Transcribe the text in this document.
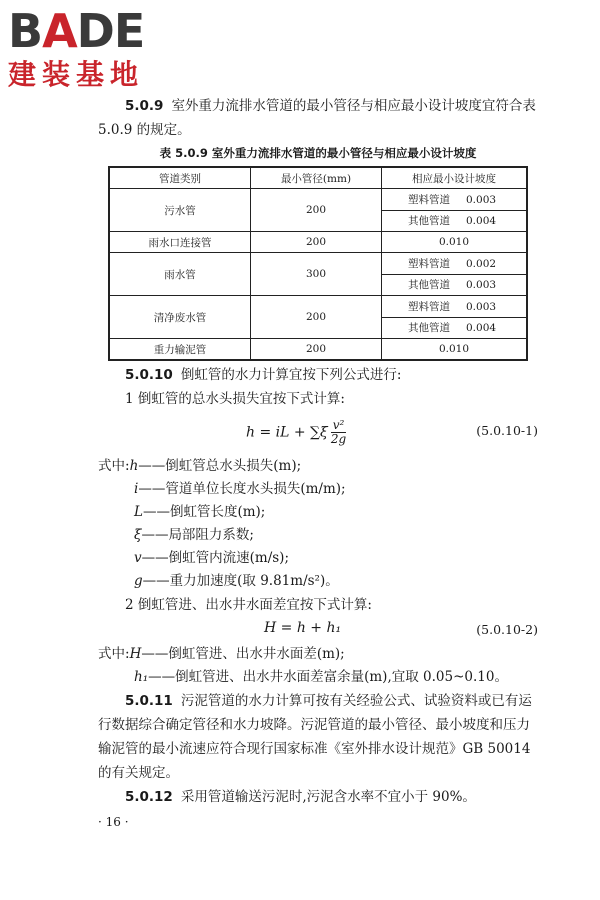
BADE
建装基地

5.0.9 室外重力流排水管道的最小管径与相应最小设计坡度宜符合表 5.0.9 的规定。

表 5.0.9 室外重力流排水管道的最小管径与相应最小设计坡度
管道类别	最小管径(mm)	相应最小设计坡度
污水管	200	塑料管道 0.003
		其他管道 0.004
雨水口连接管	200	0.010
雨水管	300	塑料管道 0.002
		其他管道 0.003
清净废水管	200	塑料管道 0.003
		其他管道 0.004
重力输泥管	200	0.010

5.0.10 倒虹管的水力计算宜按下列公式进行:

1 倒虹管的总水头损失宜按下式计算:

h = iL + $\sum\xi \frac{\text{v²}}{2g}$	(5.0.10-1)
式中:h——倒虹管总水头损失(m);
i——管道单位长度水头损失(m/m);
L——倒虹管长度(m);
ξ——局部阻力系数;
v——倒虹管内流速(m/s);
g——重力加速度(取 9.81m/s²)。

2 倒虹管进、出水井水面差宜按下式计算:

H = h + h₁	(5.0.10-2)
式中:H——倒虹管进、出水井水面差(m);
h₁——倒虹管进、出水井水面差富余量(m),宜取 0.05~0.10。

5.0.11 污泥管道的水力计算可按有关经验公式、试验资料或已有运行数据综合确定管径和水力坡降。污泥管道的最小管径、最小坡度和压力输泥管的最小流速应符合现行国家标准《室外排水设计规范》GB 50014 的有关规定。

5.0.12 采用管道输送污泥时,污泥含水率不宜小于 90%。

· 16 ·
